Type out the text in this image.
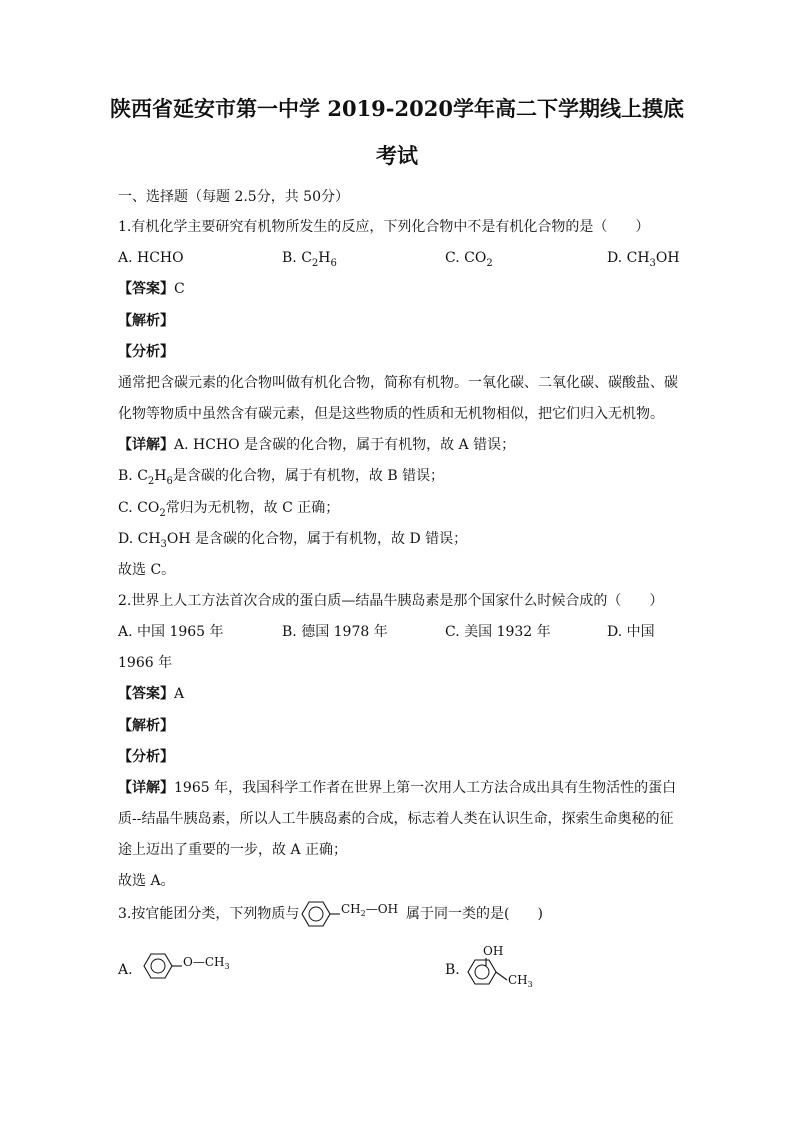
陕西省延安市第一中学 2019-2020学年高二下学期线上摸底
考试
一、选择题（每题 2.5分，共 50分）
1.有机化学主要研究有机物所发生的反应，下列化合物中不是有机化合物的是（　　）
A. HCHO	B. $C_2H_6$	C. $CO_2$	D. $CH_3OH$
【答案】C
【解析】
【分析】
通常把含碳元素的化合物叫做有机化合物，简称有机物。一氧化碳、二氧化碳、碳酸盐、碳
化物等物质中虽然含有碳元素，但是这些物质的性质和无机物相似，把它们归入无机物。
【详解】A. HCHO 是含碳的化合物，属于有机物，故 A 错误；
B. $C_2H_6$是含碳的化合物，属于有机物，故 B 错误；
C. $CO_2$常归为无机物，故 C 正确；
D. $CH_3OH$ 是含碳的化合物，属于有机物，故 D 错误；
故选 C。
2.世界上人工方法首次合成的蛋白质—结晶牛胰岛素是那个国家什么时候合成的（　　）
A. 中国 1965 年	B. 德国 1978 年	C. 美国 1932 年	D. 中国
1966 年
【答案】A
【解析】
【分析】
【详解】1965 年，我国科学工作者在世界上第一次用人工方法合成出具有生物活性的蛋白
质--结晶牛胰岛素，所以人工牛胰岛素的合成，标志着人类在认识生命，探索生命奥秘的征
途上迈出了重要的一步，故 A 正确；
故选 A。
3.按官能团分类，下列物质与	$CH_2—OH$ 属于同一类的是(　　)
A.	$O—CH_3$	B.
OH
$CH_3$
